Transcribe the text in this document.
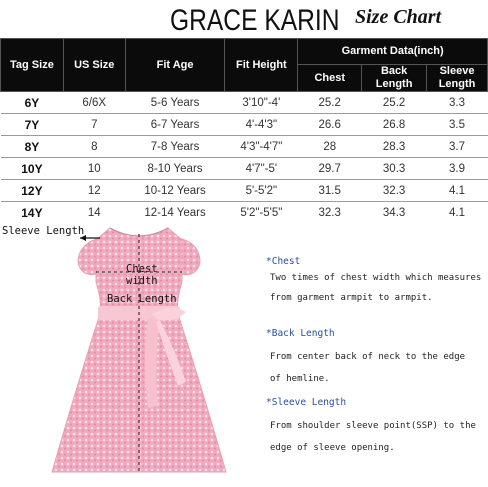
GRACE KARIN Size Chart
Tag Size	US Size	Fit Age	Fit Height	Garment Data(inch)		
				Chest	Back Length	Sleeve Length
6Y	6/6X	5-6 Years	3'10"-4'	25.2	25.2	3.3
7Y	7	6-7 Years	4'-4'3"	26.6	26.8	3.5
8Y	8	7-8 Years	4'3"-4'7"	28	28.3	3.7
10Y	10	8-10 Years	4'7"-5'	29.7	30.3	3.9
12Y	12	10-12 Years	5'-5'2"	31.5	32.3	4.1
14Y	14	12-14 Years	5'2"-5'5"	32.3	34.3	4.1
Sleeve Length
Chest
width
Back Length
*Chest
Two times of chest width which measures
from garment armpit to armpit.
*Back Length
From center back of neck to the edge
of hemline.
*Sleeve Length
From shoulder sleeve point(SSP) to the
edge of sleeve opening.
